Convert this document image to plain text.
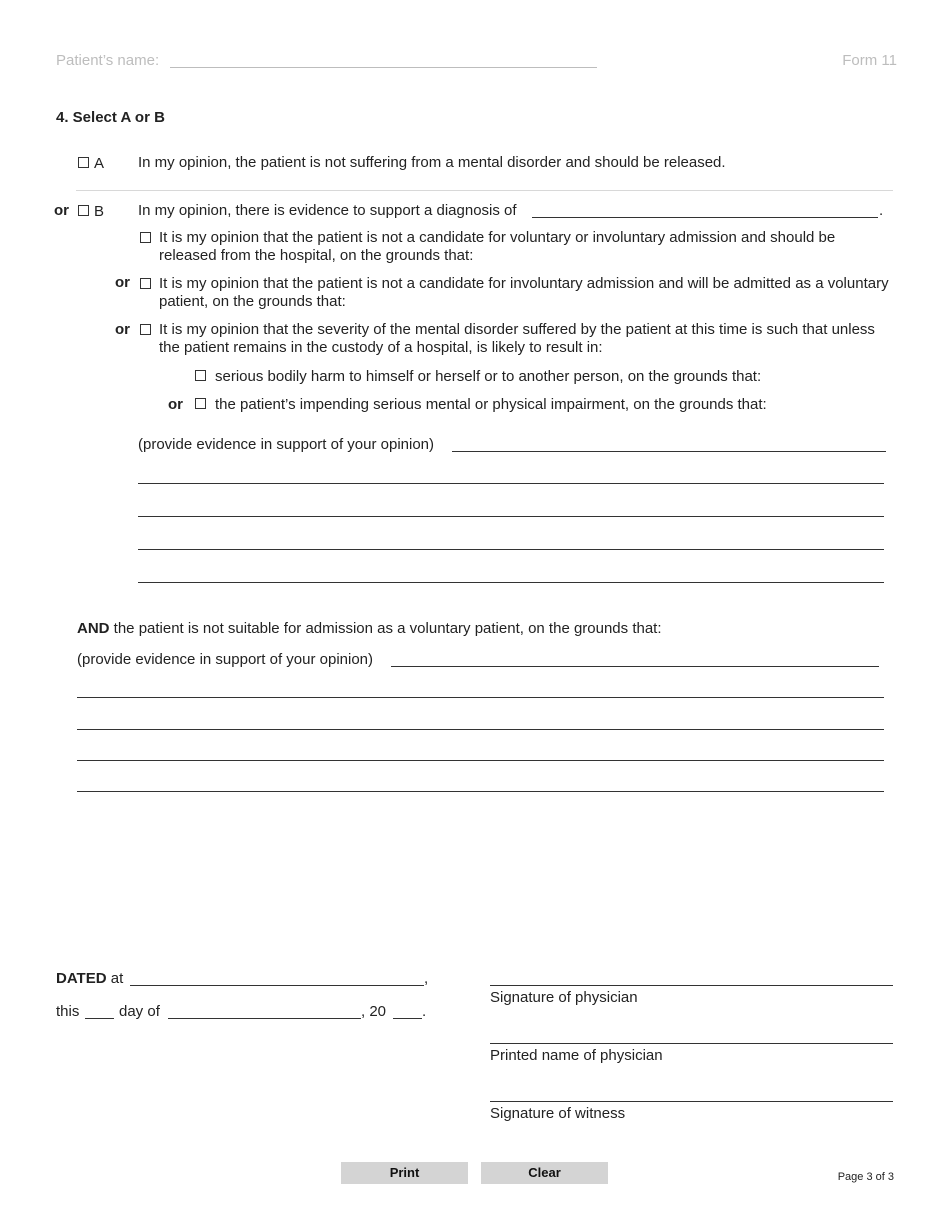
Patient’s name:	Form 11
4. Select A or B
A In my opinion, the patient is not suffering from a mental disorder and should be released.
or B In my opinion, there is evidence to support a diagnosis of	.
It is my opinion that the patient is not a candidate for voluntary or involuntary admission and should be released from the hospital, on the grounds that:
or It is my opinion that the patient is not a candidate for involuntary admission and will be admitted as a voluntary patient, on the grounds that:
or It is my opinion that the severity of the mental disorder suffered by the patient at this time is such that unless the patient remains in the custody of a hospital, is likely to result in:
serious bodily harm to himself or herself or to another person, on the grounds that:
or the patient’s impending serious mental or physical impairment, on the grounds that:
(provide evidence in support of your opinion)
AND the patient is not suitable for admission as a voluntary patient, on the grounds that:
(provide evidence in support of your opinion)
DATED at	,
this	day of	, 20 .
Signature of physician
Printed name of physician
Signature of witness
Print	Clear	Page 3 of 3
